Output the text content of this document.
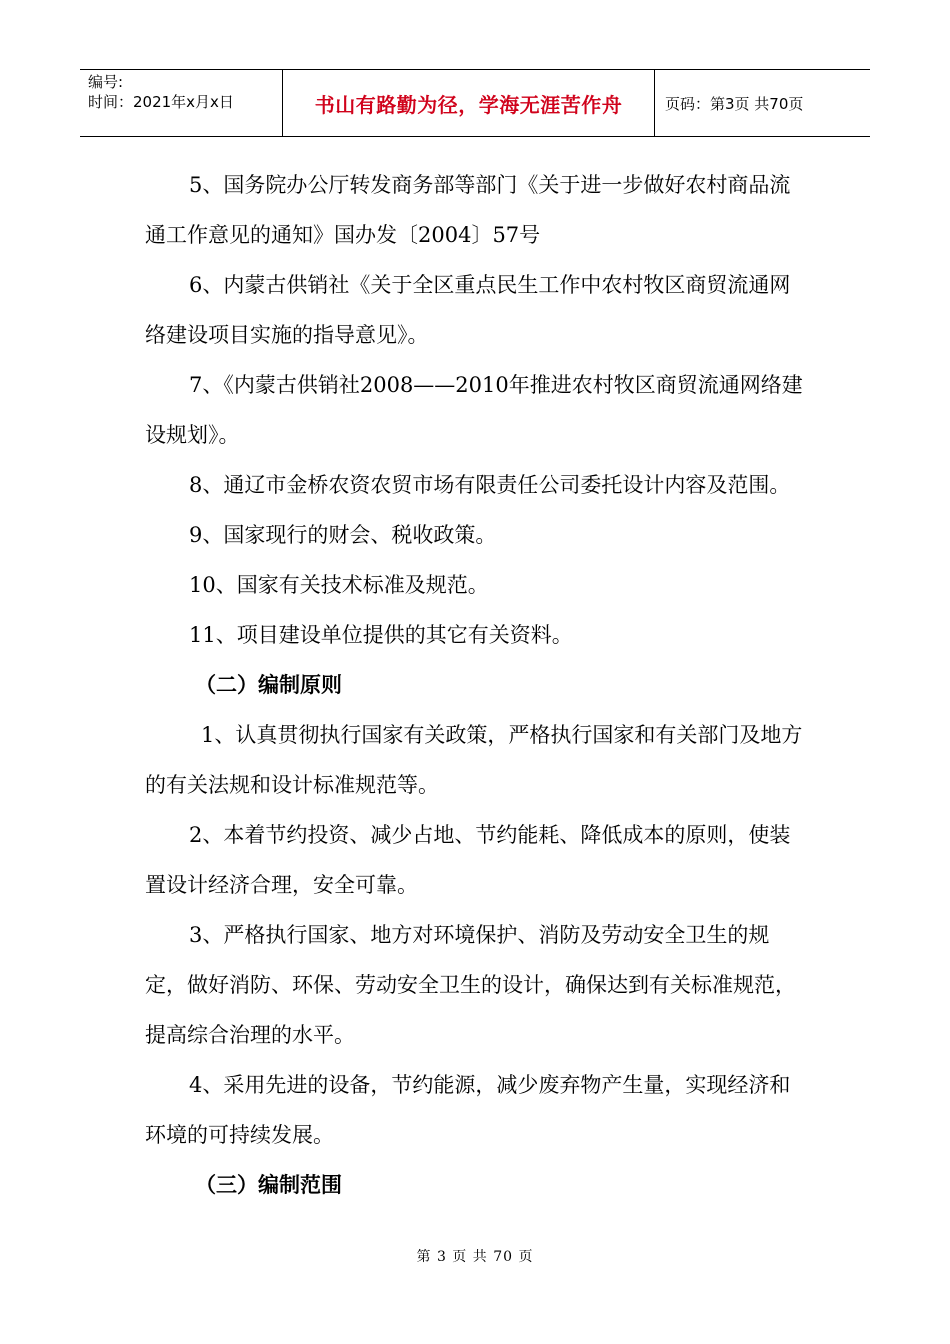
编号:
时间：2021年x月x日	书山有路勤为径，学海无涯苦作舟	页码：第3页 共70页

5、国务院办公厅转发商务部等部门《关于进一步做好农村商品流通工作意见的通知》国办发〔2004〕57号

6、内蒙古供销社《关于全区重点民生工作中农村牧区商贸流通网络建设项目实施的指导意见》。

7、《内蒙古供销社2008——2010年推进农村牧区商贸流通网络建设规划》。

8、通辽市金桥农资农贸市场有限责任公司委托设计内容及范围。

9、国家现行的财会、税收政策。

10、国家有关技术标准及规范。

11、项目建设单位提供的其它有关资料。

（二）编制原则

1、认真贯彻执行国家有关政策，严格执行国家和有关部门及地方的有关法规和设计标准规范等。

2、本着节约投资、减少占地、节约能耗、降低成本的原则，使装置设计经济合理，安全可靠。

3、严格执行国家、地方对环境保护、消防及劳动安全卫生的规定，做好消防、环保、劳动安全卫生的设计，确保达到有关标准规范，提高综合治理的水平。

4、采用先进的设备，节约能源，减少废弃物产生量，实现经济和环境的可持续发展。

（三）编制范围

第 3 页 共 70 页
